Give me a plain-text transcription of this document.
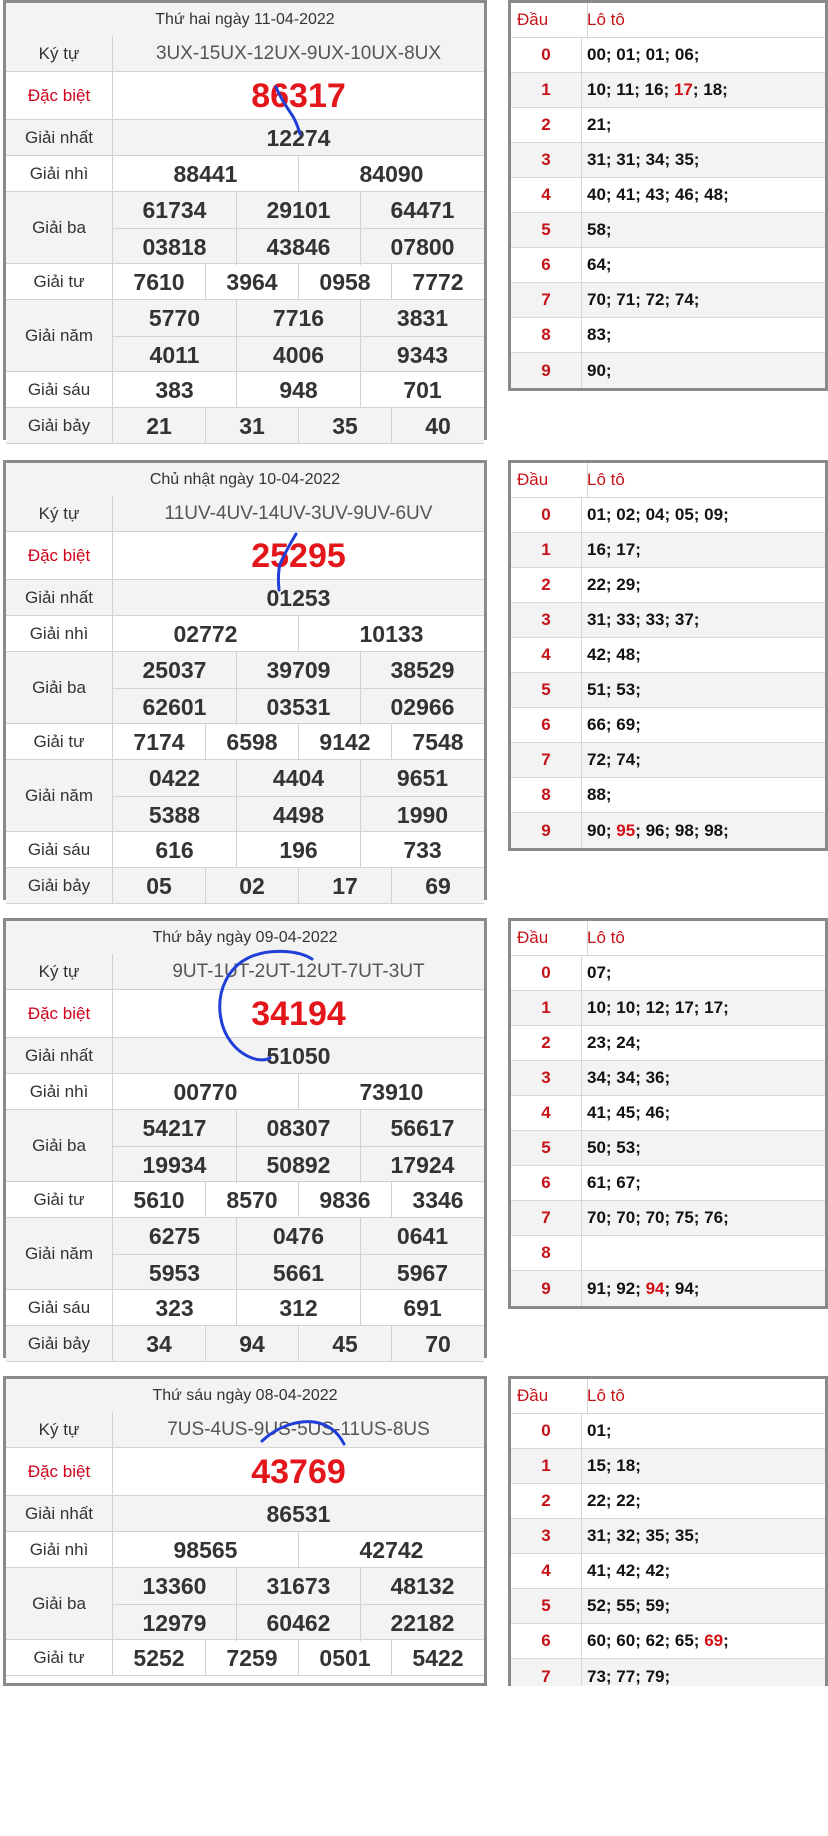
Thứ hai ngày 11-04-2022
Ký tự	3UX-15UX-12UX-9UX-10UX-8UX
Đặc biệt	86317
Giải nhất	12274
Giải nhì	88441	84090
Giải ba
61734	29101	64471
03818	43846	07800
Giải tư	7610	3964	0958	7772
Giải năm
5770	7716	3831
4011	4006	9343
Giải sáu	383	948	701
Giải bảy	21	31	35	40
Đầu	Lô tô
0	00; 01; 01; 06;
1	10; 11; 16; 17 ; 18;
2	21;
3	31; 31; 34; 35;
4	40; 41; 43; 46; 48;
5	58;
6	64;
7	70; 71; 72; 74;
8	83;
9	90;
Chủ nhật ngày 10-04-2022
Ký tự	11UV-4UV-14UV-3UV-9UV-6UV
Đặc biệt	25295
Giải nhất	01253
Giải nhì	02772	10133
Giải ba
25037	39709	38529
62601	03531	02966
Giải tư	7174	6598	9142	7548
Giải năm
0422	4404	9651
5388	4498	1990
Giải sáu	616	196	733
Giải bảy	05	02	17	69
Đầu	Lô tô
0	01; 02; 04; 05; 09;
1	16; 17;
2	22; 29;
3	31; 33; 33; 37;
4	42; 48;
5	51; 53;
6	66; 69;
7	72; 74;
8	88;
9	90; 95 ; 96; 98; 98;
Thứ bảy ngày 09-04-2022
Ký tự	9UT-1UT-2UT-12UT-7UT-3UT
Đặc biệt	34194
Giải nhất	51050
Giải nhì	00770	73910
Giải ba
54217	08307	56617
19934	50892	17924
Giải tư	5610	8570	9836	3346
Giải năm
6275	0476	0641
5953	5661	5967
Giải sáu	323	312	691
Giải bảy	34	94	45	70
Đầu	Lô tô
0	07;
1	10; 10; 12; 17; 17;
2	23; 24;
3	34; 34; 36;
4	41; 45; 46;
5	50; 53;
6	61; 67;
7	70; 70; 70; 75; 76;
8
9	91; 92; 94 ; 94;
Thứ sáu ngày 08-04-2022
Ký tự	7US-4US-9US-5US-11US-8US
Đặc biệt	43769
Giải nhất	86531
Giải nhì	98565	42742
Giải ba
13360	31673	48132
12979	60462	22182
Giải tư	5252	7259	0501	5422
Đầu	Lô tô
0	01;
1	15; 18;
2	22; 22;
3	31; 32; 35; 35;
4	41; 42; 42;
5	52; 55; 59;
6	60; 60; 62; 65; 69 ;
7	73; 77; 79;
